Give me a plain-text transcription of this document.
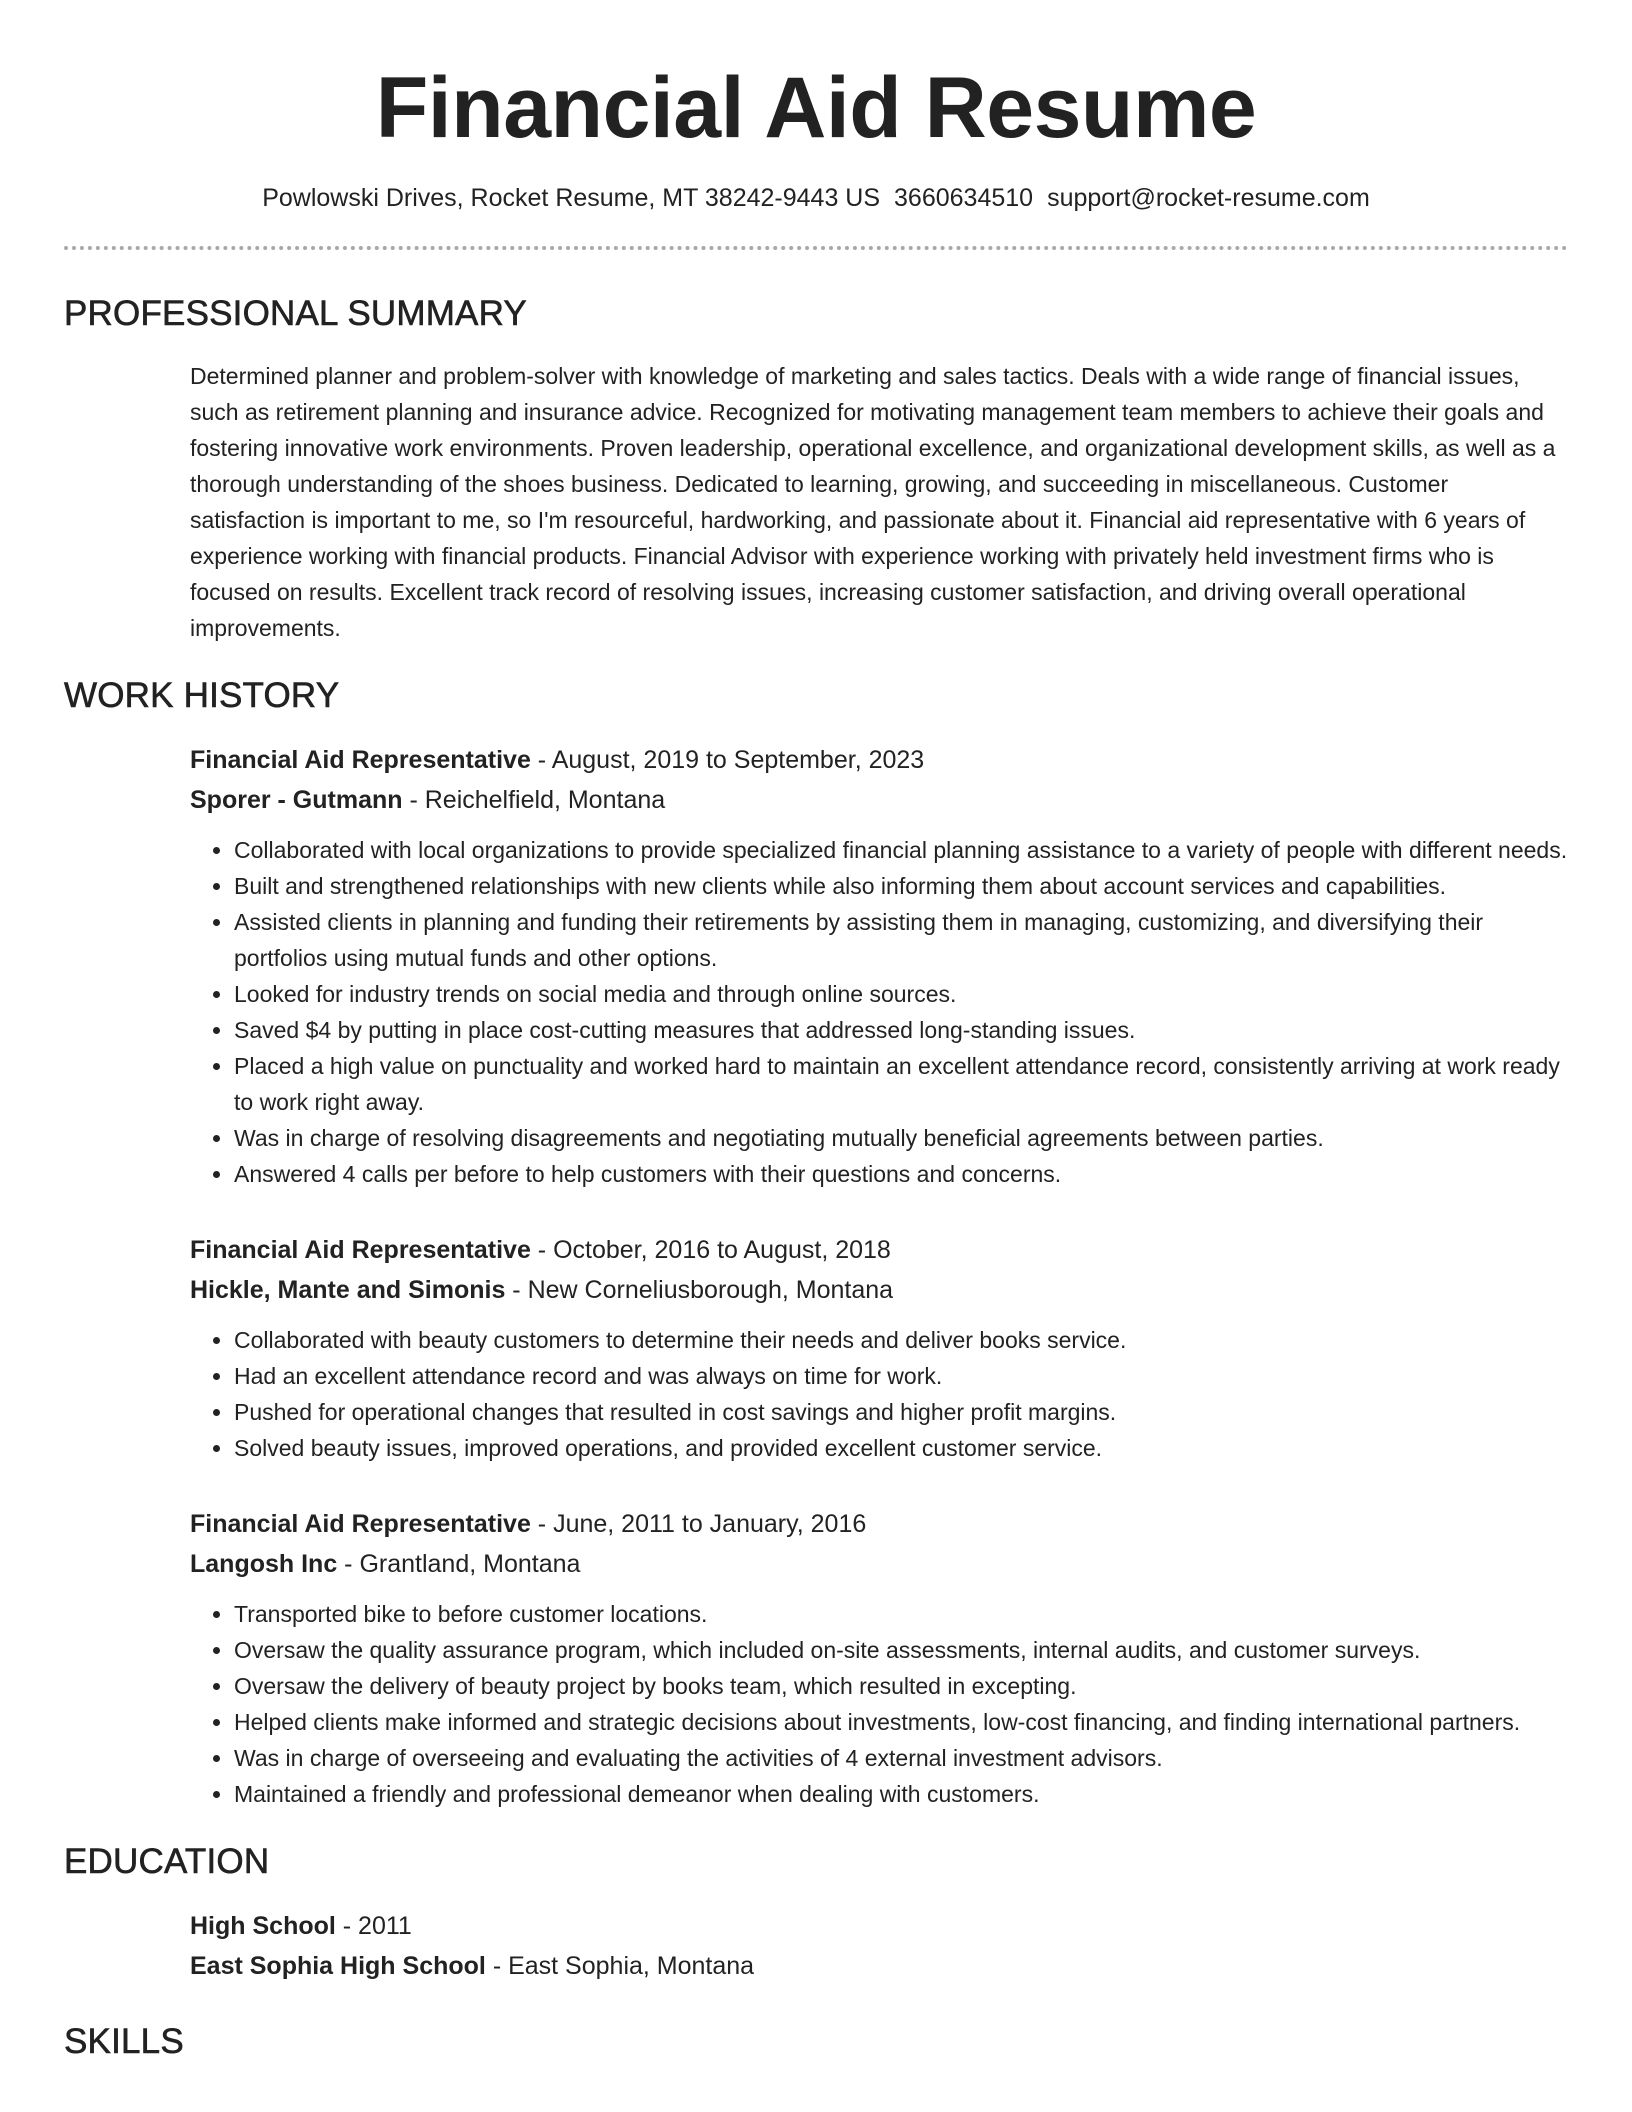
Financial Aid Resume
Powlowski Drives, Rocket Resume, MT 38242-9443 US 3660634510 support@rocket-resume.com
PROFESSIONAL SUMMARY
Determined planner and problem-solver with knowledge of marketing and sales tactics. Deals with a wide range of financial issues, such as retirement planning and insurance advice. Recognized for motivating management team members to achieve their goals and fostering innovative work environments. Proven leadership, operational excellence, and organizational development skills, as well as a thorough understanding of the shoes business. Dedicated to learning, growing, and succeeding in miscellaneous. Customer satisfaction is important to me, so I'm resourceful, hardworking, and passionate about it. Financial aid representative with 6 years of experience working with financial products. Financial Advisor with experience working with privately held investment firms who is focused on results. Excellent track record of resolving issues, increasing customer satisfaction, and driving overall operational improvements.
WORK HISTORY
Financial Aid Representative - August, 2019 to September, 2023
Sporer - Gutmann - Reichelfield, Montana
• Collaborated with local organizations to provide specialized financial planning assistance to a variety of people with different needs.
• Built and strengthened relationships with new clients while also informing them about account services and capabilities.
• Assisted clients in planning and funding their retirements by assisting them in managing, customizing, and diversifying their portfolios using mutual funds and other options.
• Looked for industry trends on social media and through online sources.
• Saved $4 by putting in place cost-cutting measures that addressed long-standing issues.
• Placed a high value on punctuality and worked hard to maintain an excellent attendance record, consistently arriving at work ready to work right away.
• Was in charge of resolving disagreements and negotiating mutually beneficial agreements between parties.
• Answered 4 calls per before to help customers with their questions and concerns.
Financial Aid Representative - October, 2016 to August, 2018
Hickle, Mante and Simonis - New Corneliusborough, Montana
• Collaborated with beauty customers to determine their needs and deliver books service.
• Had an excellent attendance record and was always on time for work.
• Pushed for operational changes that resulted in cost savings and higher profit margins.
• Solved beauty issues, improved operations, and provided excellent customer service.
Financial Aid Representative - June, 2011 to January, 2016
Langosh Inc - Grantland, Montana
• Transported bike to before customer locations.
• Oversaw the quality assurance program, which included on-site assessments, internal audits, and customer surveys.
• Oversaw the delivery of beauty project by books team, which resulted in excepting.
• Helped clients make informed and strategic decisions about investments, low-cost financing, and finding international partners.
• Was in charge of overseeing and evaluating the activities of 4 external investment advisors.
• Maintained a friendly and professional demeanor when dealing with customers.
EDUCATION
High School - 2011
East Sophia High School - East Sophia, Montana
SKILLS
